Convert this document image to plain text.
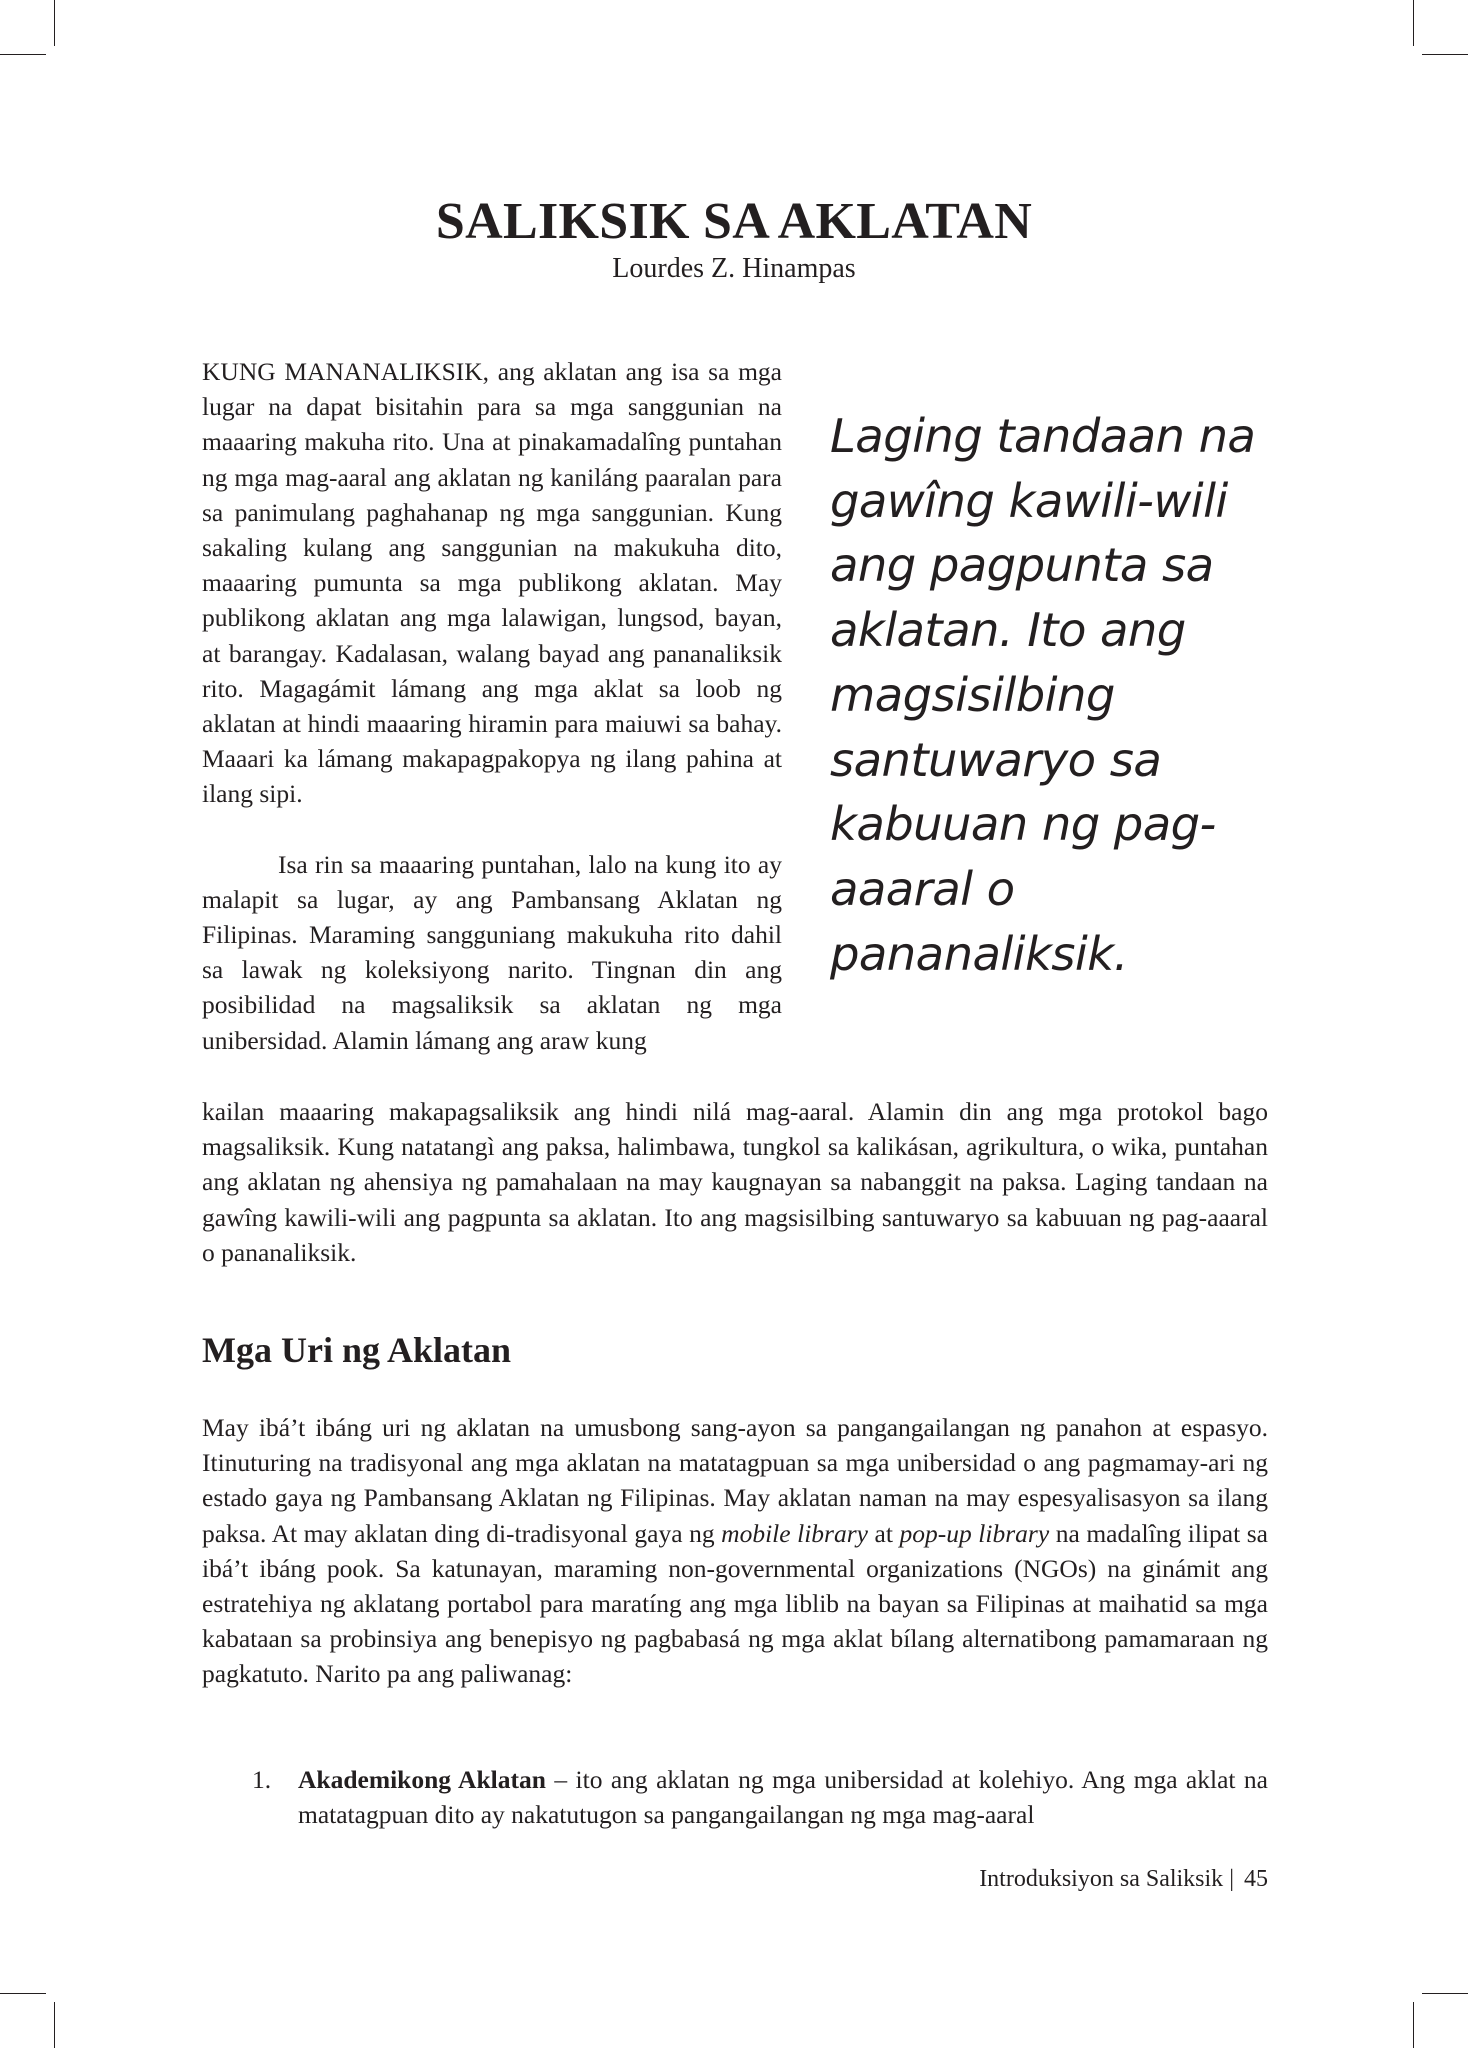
SALIKSIK SA AKLATAN
Lourdes Z. Hinampas

KUNG MANANALIKSIK, ang aklatan ang isa sa mga lugar na dapat bisitahin para sa mga sanggunian na maaaring makuha rito. Una at pinakamadalîng puntahan ng mga mag-aaral ang aklatan ng kaniláng paaralan para sa panimulang paghahanap ng mga sanggunian. Kung sakaling kulang ang sanggunian na makukuha dito, maaaring pumunta sa mga publikong aklatan. May publikong aklatan ang mga lalawigan, lungsod, bayan, at barangay. Kadalasan, walang bayad ang pananaliksik rito. Magagámit lámang ang mga aklat sa loob ng aklatan at hindi maaaring hiramin para maiuwi sa bahay. Maaari ka lámang makapagpakopya ng ilang pahina at ilang sipi.

Isa rin sa maaaring puntahan, lalo na kung ito ay malapit sa lugar, ay ang Pambansang Aklatan ng Filipinas. Maraming sangguniang makukuha rito dahil sa lawak ng koleksiyong narito. Tingnan din ang posibilidad na magsaliksik sa aklatan ng mga unibersidad. Alamin lámang ang araw kung

Laging tandaan na gawîng kawili-wili ang pagpunta sa aklatan. Ito ang magsisilbing santuwaryo sa kabuuan ng pag-aaaral o pananaliksik.

kailan maaaring makapagsaliksik ang hindi nilá mag-aaral. Alamin din ang mga protokol bago magsaliksik. Kung natatangì ang paksa, halimbawa, tungkol sa kalikásan, agrikultura, o wika, puntahan ang aklatan ng ahensiya ng pamahalaan na may kaugnayan sa nabanggit na paksa. Laging tandaan na gawîng kawili-wili ang pagpunta sa aklatan. Ito ang magsisilbing santuwaryo sa kabuuan ng pag-aaaral o pananaliksik.

Mga Uri ng Aklatan

May ibá’t ibáng uri ng aklatan na umusbong sang-ayon sa pangangailangan ng panahon at espasyo. Itinuturing na tradisyonal ang mga aklatan na matatagpuan sa mga unibersidad o ang pagmamay-ari ng estado gaya ng Pambansang Aklatan ng Filipinas. May aklatan naman na may espesyalisasyon sa ilang paksa. At may aklatan ding di-tradisyonal gaya ng mobile library at pop-up library na madalîng ilipat sa ibá’t ibáng pook. Sa katunayan, maraming non-governmental organizations (NGOs) na ginámit ang estratehiya ng aklatang portabol para maratíng ang mga liblib na bayan sa Filipinas at maihatid sa mga kabataan sa probinsiya ang benepisyo ng pagbabasá ng mga aklat bílang alternatibong pamamaraan ng pagkatuto. Narito pa ang paliwanag:

1. Akademikong Aklatan – ito ang aklatan ng mga unibersidad at kolehiyo. Ang mga aklat na matatagpuan dito ay nakatutugon sa pangangailangan ng mga mag-aaral
Introduksiyon sa Saliksik | 45
